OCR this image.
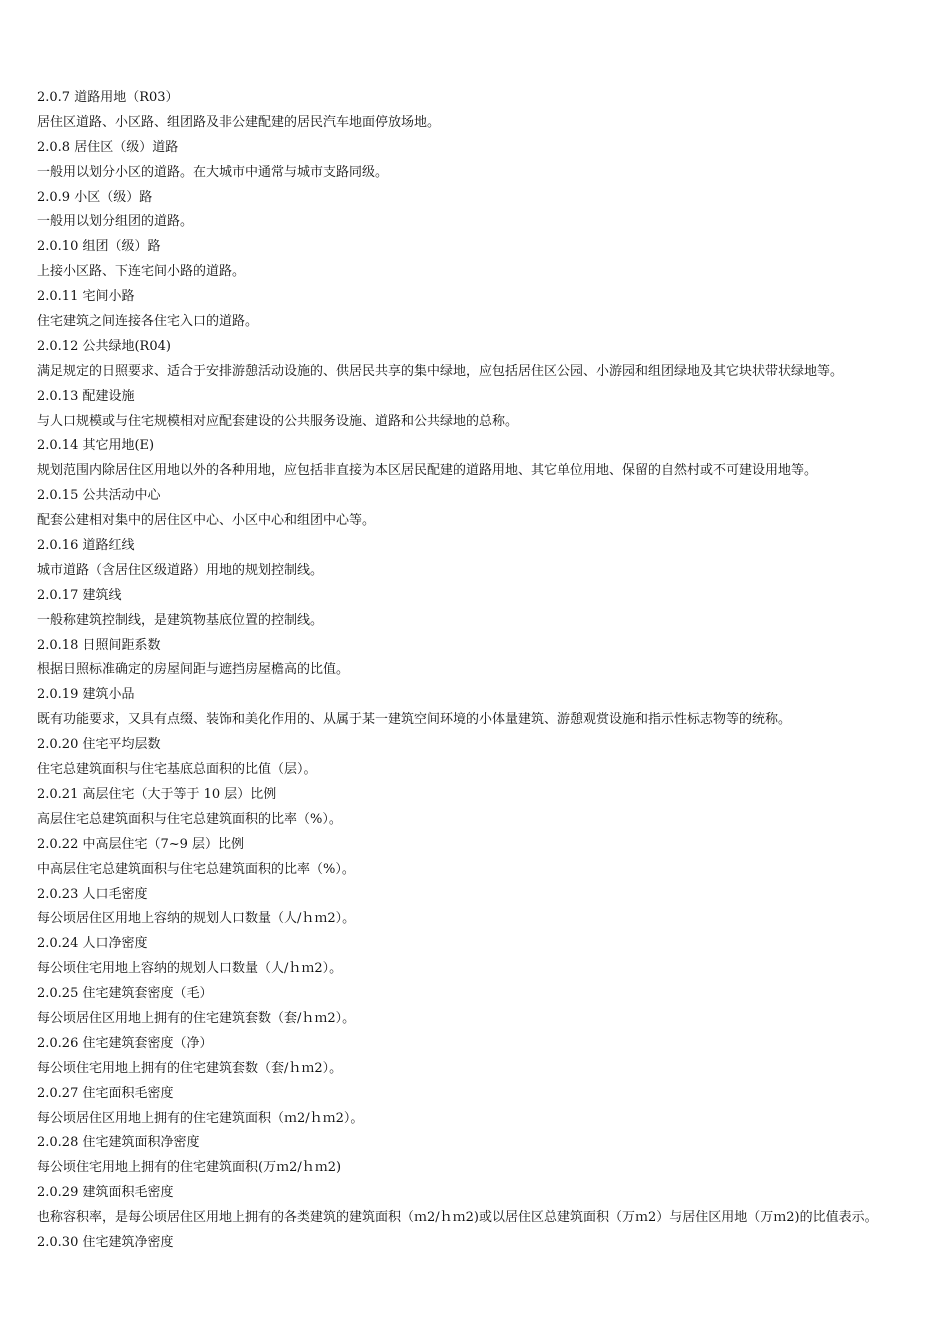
2.0.7 道路用地（R03）
居住区道路、小区路、组团路及非公建配建的居民汽车地面停放场地。
2.0.8 居住区（级）道路
一般用以划分小区的道路。在大城市中通常与城市支路同级。
2.0.9 小区（级）路
一般用以划分组团的道路。
2.0.10 组团（级）路
上接小区路、下连宅间小路的道路。
2.0.11 宅间小路
住宅建筑之间连接各住宅入口的道路。
2.0.12 公共绿地(R04)
满足规定的日照要求、适合于安排游憩活动设施的、供居民共享的集中绿地，应包括居住区公园、小游园和组团绿地及其它块状带状绿地等。
2.0.13 配建设施
与人口规模或与住宅规模相对应配套建设的公共服务设施、道路和公共绿地的总称。
2.0.14 其它用地(E)
规划范围内除居住区用地以外的各种用地，应包括非直接为本区居民配建的道路用地、其它单位用地、保留的自然村或不可建设用地等。
2.0.15 公共活动中心
配套公建相对集中的居住区中心、小区中心和组团中心等。
2.0.16 道路红线
城市道路（含居住区级道路）用地的规划控制线。
2.0.17 建筑线
一般称建筑控制线，是建筑物基底位置的控制线。
2.0.18 日照间距系数
根据日照标准确定的房屋间距与遮挡房屋檐高的比值。
2.0.19 建筑小品
既有功能要求，又具有点缀、装饰和美化作用的、从属于某一建筑空间环境的小体量建筑、游憩观赏设施和指示性标志物等的统称。
2.0.20 住宅平均层数
住宅总建筑面积与住宅基底总面积的比值（层）。
2.0.21 高层住宅（大于等于 10 层）比例
高层住宅总建筑面积与住宅总建筑面积的比率（%）。
2.0.22 中高层住宅（7~9 层）比例
中高层住宅总建筑面积与住宅总建筑面积的比率（%）。
2.0.23 人口毛密度
每公顷居住区用地上容纳的规划人口数量（人/ｈｍ2）。
2.0.24 人口净密度
每公顷住宅用地上容纳的规划人口数量（人/ｈｍ2）。
2.0.25 住宅建筑套密度（毛）
每公顷居住区用地上拥有的住宅建筑套数（套/ｈｍ2）。
2.0.26 住宅建筑套密度（净）
每公顷住宅用地上拥有的住宅建筑套数（套/ｈｍ2）。
2.0.27 住宅面积毛密度
每公顷居住区用地上拥有的住宅建筑面积（ｍ2/ｈｍ2）。
2.0.28 住宅建筑面积净密度
每公顷住宅用地上拥有的住宅建筑面积(万ｍ2/ｈｍ2)
2.0.29 建筑面积毛密度
也称容积率，是每公顷居住区用地上拥有的各类建筑的建筑面积（ｍ2/ｈｍ2)或以居住区总建筑面积（万ｍ2）与居住区用地（万ｍ2)的比值表示。
2.0.30 住宅建筑净密度
